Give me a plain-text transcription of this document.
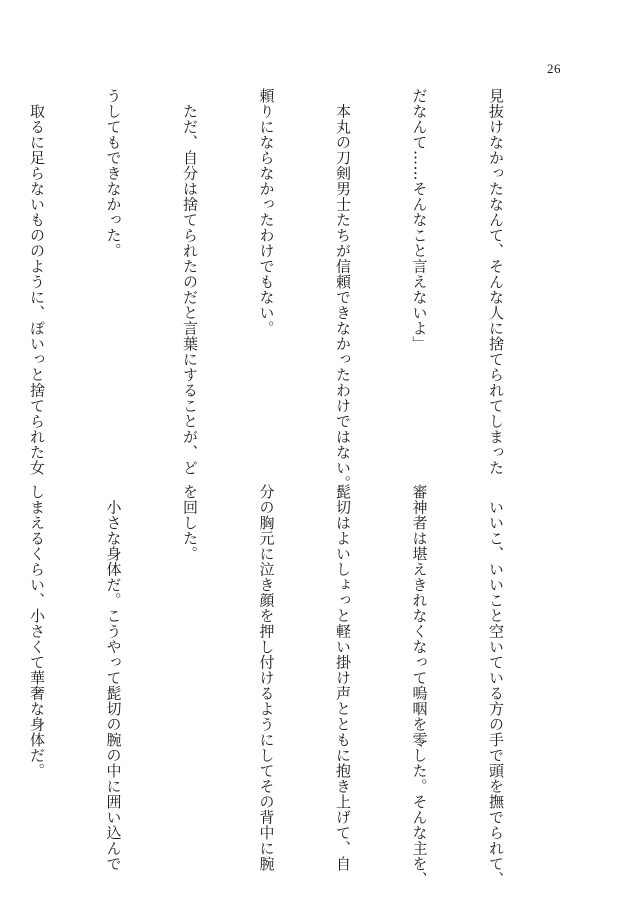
26

見抜けなかったなんて、そんな人に捨てられてしまった

だなんて……そんなこと言えないよ」

　本丸の刀剣男士たちが信頼できなかったわけではない。

頼りにならなかったわけでもない。

　ただ、自分は捨てられたのだと言葉にすることが、ど

うしてもできなかった。

　取るに足らないもののように、ぽいっと捨てられた女

　いいこ、いいこと空いている方の手で頭を撫でられて、

審神者は堪えきれなくなって嗚咽を零した。そんな主を、

髭切はよいしょっと軽い掛け声とともに抱き上げて、自

分の胸元に泣き顔を押し付けるようにしてその背中に腕

を回した。

　小さな身体だ。こうやって髭切の腕の中に囲い込んで

しまえるくらい、小さくて華奢な身体だ。
